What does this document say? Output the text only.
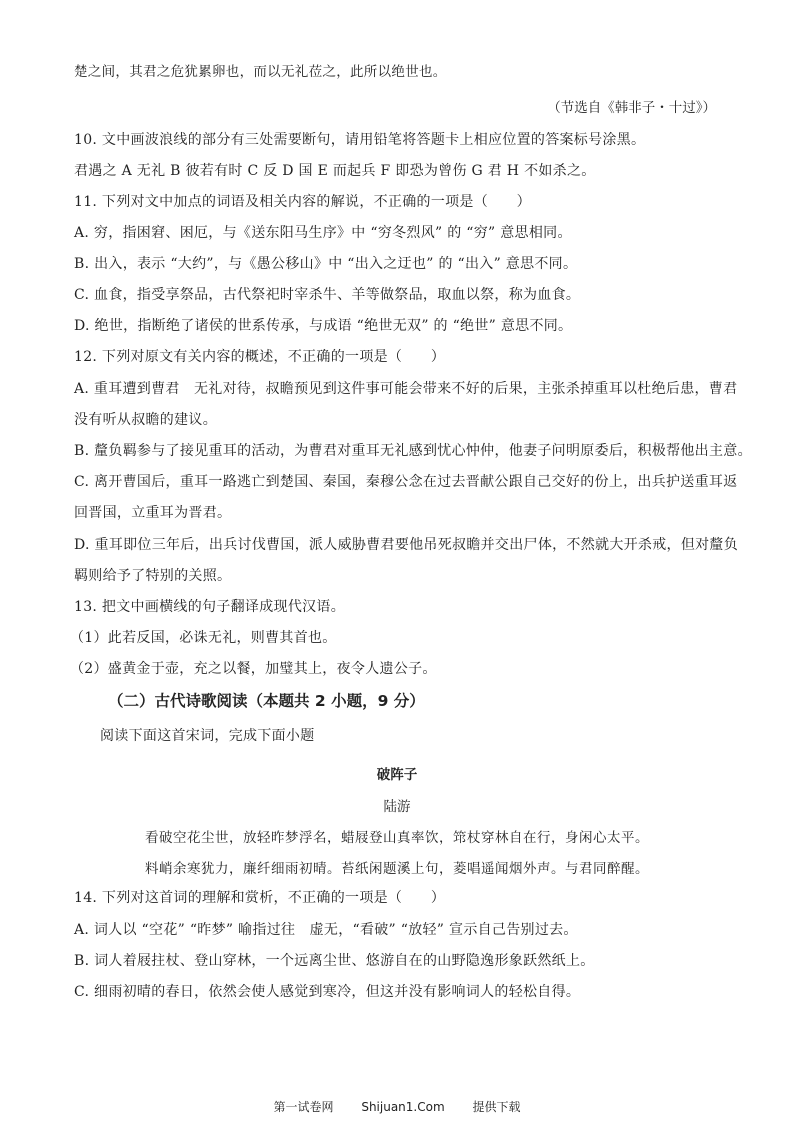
楚之间，其君之危犹累卵也，而以无礼莅之，此所以绝世也。
（节选自《韩非子・十过》）
10. 文中画波浪线的部分有三处需要断句，请用铅笔将答题卡上相应位置的答案标号涂黑。
君遇之 A 无礼 B 彼若有时 C 反 D 国 E 而起兵 F 即恐为曾伤 G 君 H 不如杀之。
11. 下列对文中加点的词语及相关内容的解说，不正确的一项是（　　）
A. 穷，指困窘、困厄，与《送东阳马生序》中 “穷冬烈风” 的 “穷” 意思相同。
B. 出入，表示 “大约”，与《愚公移山》中 “出入之迂也” 的 “出入” 意思不同。
C. 血食，指受享祭品，古代祭祀时宰杀牛、羊等做祭品，取血以祭，称为血食。
D. 绝世，指断绝了诸侯的世系传承，与成语 “绝世无双” 的 “绝世” 意思不同。
12. 下列对原文有关内容的概述，不正确的一项是（　　）
A. 重耳遭到曹君　无礼对待，叔瞻预见到这件事可能会带来不好的后果，主张杀掉重耳以杜绝后患，曹君
没有听从叔瞻的建议。
B. 釐负羁参与了接见重耳的活动，为曹君对重耳无礼感到忧心忡仲，他妻子问明原委后，积极帮他出主意。
C. 离开曹国后，重耳一路逃亡到楚国、秦国，秦穆公念在过去晋献公跟自己交好的份上，出兵护送重耳返
回晋国，立重耳为晋君。
D. 重耳即位三年后，出兵讨伐曹国，派人威胁曹君要他吊死叔瞻并交出尸体，不然就大开杀戒，但对釐负
羁则给予了特别的关照。
13. 把文中画横线的句子翻译成现代汉语。
（1）此若反国，必诛无礼，则曹其首也。
（2）盛黄金于壶，充之以餐，加璧其上，夜令人遗公子。
（二）古代诗歌阅读（本题共 2 小题，9 分）
阅读下面这首宋词，完成下面小题
破阵子
陆游
看破空花尘世，放轻昨梦浮名，蜡屐登山真率饮，筇杖穿林自在行，身闲心太平。
料峭余寒犹力，廉纤细雨初晴。苔纸闲题溪上句，菱唱遥闻烟外声。与君同醉醒。
14. 下列对这首词的理解和赏析，不正确的一项是（　　）
A. 词人以 “空花” “昨梦” 喻指过往　虚无，“看破” “放轻” 宣示自己告别过去。
B. 词人着屐拄杖、登山穿林，一个远离尘世、悠游自在的山野隐逸形象跃然纸上。
C. 细雨初晴的春日，依然会使人感觉到寒冷，但这并没有影响词人的轻松自得。
第一试卷网 Shijuan1.Com 提供下载
